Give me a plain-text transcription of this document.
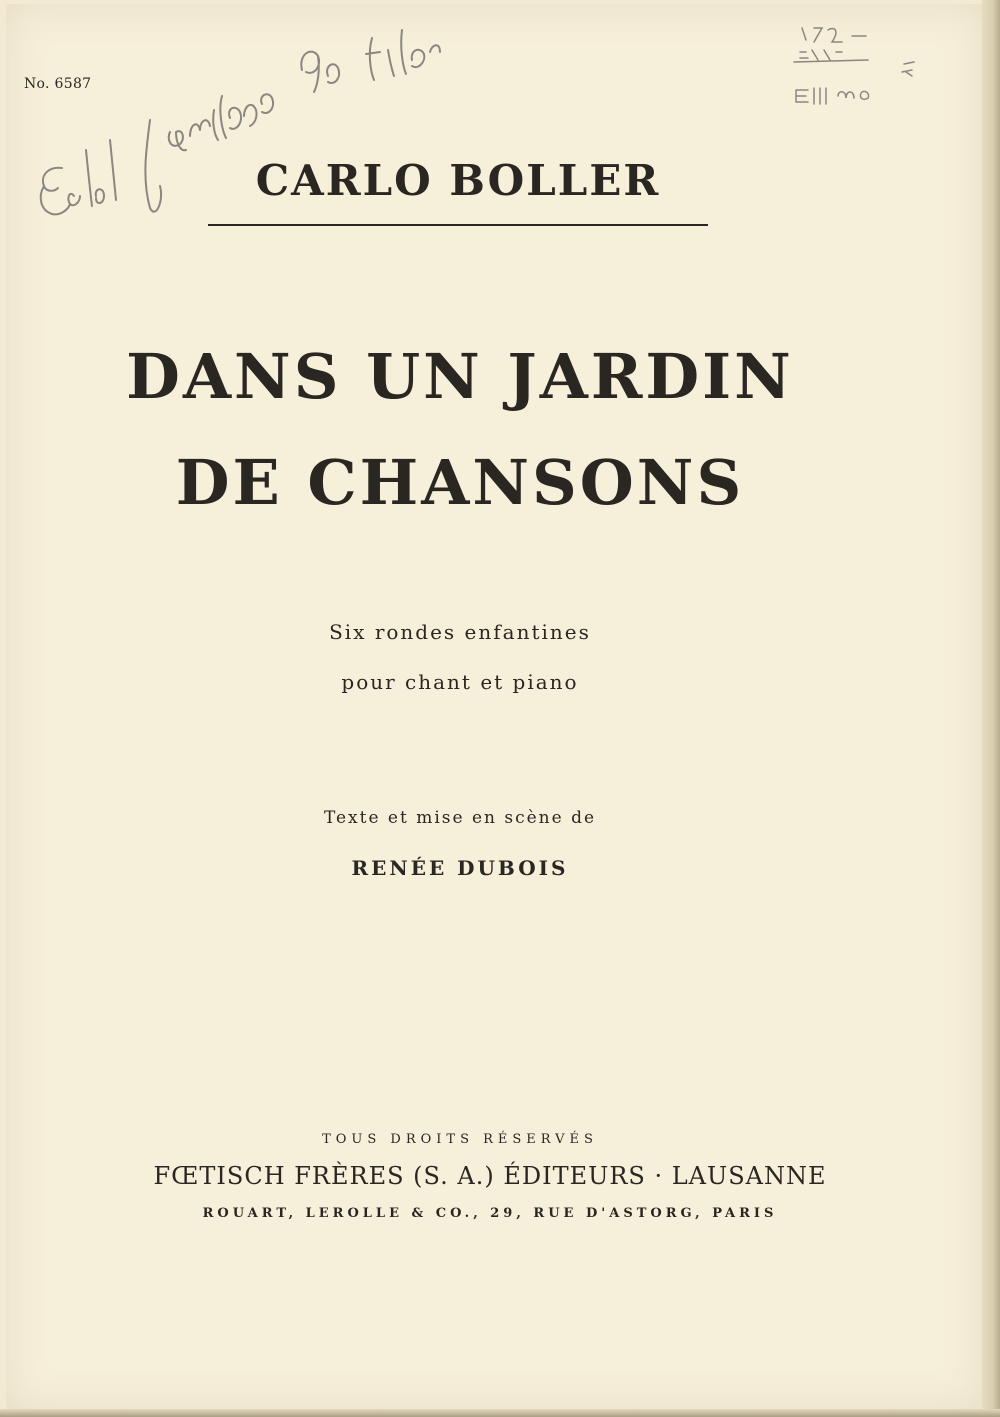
No. 6587

CARLO BOLLER

DANS UN JARDIN

DE CHANSONS

Six rondes enfantines

pour chant et piano

Texte et mise en scène de

RENÉE DUBOIS

TOUS DROITS RÉSERVÉS

FŒTISCH FRÈRES (S. A.) ÉDITEURS · LAUSANNE

ROUART, LEROLLE & CO., 29, RUE D'ASTORG, PARIS
